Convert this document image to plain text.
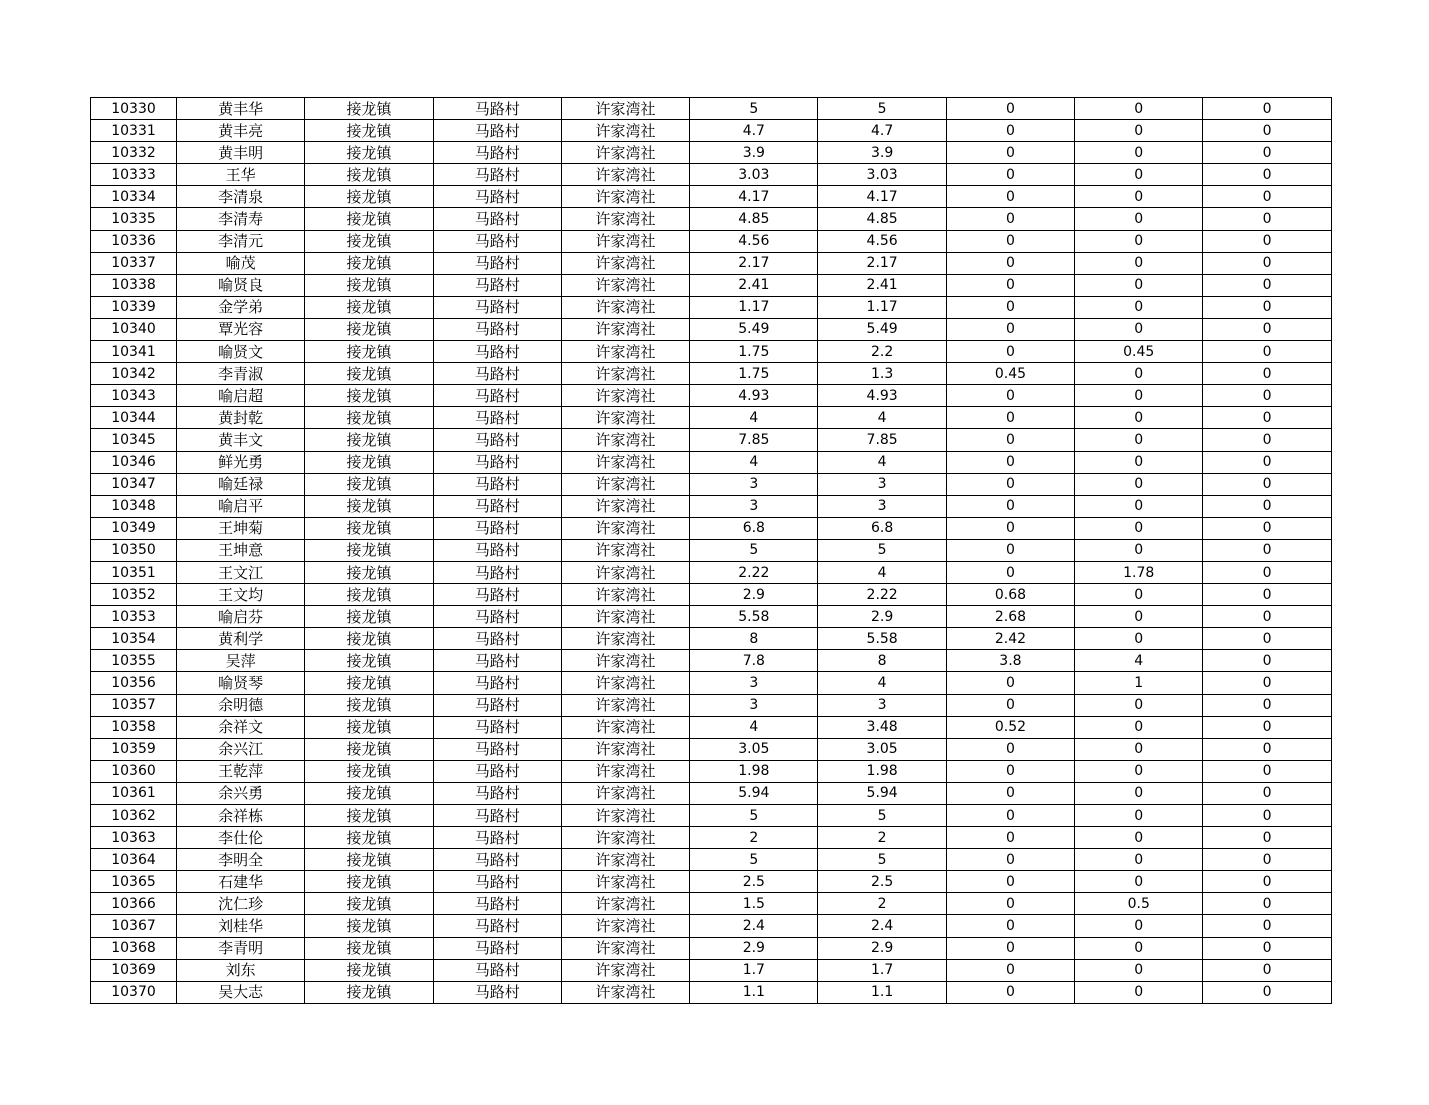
10330	黄丰华	接龙镇	马路村	许家湾社	5	5	0	0	0
10331	黄丰亮	接龙镇	马路村	许家湾社	4.7	4.7	0	0	0
10332	黄丰明	接龙镇	马路村	许家湾社	3.9	3.9	0	0	0
10333	王华	接龙镇	马路村	许家湾社	3.03	3.03	0	0	0
10334	李清泉	接龙镇	马路村	许家湾社	4.17	4.17	0	0	0
10335	李清寿	接龙镇	马路村	许家湾社	4.85	4.85	0	0	0
10336	李清元	接龙镇	马路村	许家湾社	4.56	4.56	0	0	0
10337	喻茂	接龙镇	马路村	许家湾社	2.17	2.17	0	0	0
10338	喻贤良	接龙镇	马路村	许家湾社	2.41	2.41	0	0	0
10339	金学弟	接龙镇	马路村	许家湾社	1.17	1.17	0	0	0
10340	覃光容	接龙镇	马路村	许家湾社	5.49	5.49	0	0	0
10341	喻贤文	接龙镇	马路村	许家湾社	1.75	2.2	0	0.45	0
10342	李青淑	接龙镇	马路村	许家湾社	1.75	1.3	0.45	0	0
10343	喻启超	接龙镇	马路村	许家湾社	4.93	4.93	0	0	0
10344	黄封乾	接龙镇	马路村	许家湾社	4	4	0	0	0
10345	黄丰文	接龙镇	马路村	许家湾社	7.85	7.85	0	0	0
10346	鲜光勇	接龙镇	马路村	许家湾社	4	4	0	0	0
10347	喻廷禄	接龙镇	马路村	许家湾社	3	3	0	0	0
10348	喻启平	接龙镇	马路村	许家湾社	3	3	0	0	0
10349	王坤菊	接龙镇	马路村	许家湾社	6.8	6.8	0	0	0
10350	王坤意	接龙镇	马路村	许家湾社	5	5	0	0	0
10351	王文江	接龙镇	马路村	许家湾社	2.22	4	0	1.78	0
10352	王文均	接龙镇	马路村	许家湾社	2.9	2.22	0.68	0	0
10353	喻启芬	接龙镇	马路村	许家湾社	5.58	2.9	2.68	0	0
10354	黄利学	接龙镇	马路村	许家湾社	8	5.58	2.42	0	0
10355	吴萍	接龙镇	马路村	许家湾社	7.8	8	3.8	4	0
10356	喻贤琴	接龙镇	马路村	许家湾社	3	4	0	1	0
10357	余明德	接龙镇	马路村	许家湾社	3	3	0	0	0
10358	余祥文	接龙镇	马路村	许家湾社	4	3.48	0.52	0	0
10359	余兴江	接龙镇	马路村	许家湾社	3.05	3.05	0	0	0
10360	王乾萍	接龙镇	马路村	许家湾社	1.98	1.98	0	0	0
10361	余兴勇	接龙镇	马路村	许家湾社	5.94	5.94	0	0	0
10362	余祥栋	接龙镇	马路村	许家湾社	5	5	0	0	0
10363	李仕伦	接龙镇	马路村	许家湾社	2	2	0	0	0
10364	李明全	接龙镇	马路村	许家湾社	5	5	0	0	0
10365	石建华	接龙镇	马路村	许家湾社	2.5	2.5	0	0	0
10366	沈仁珍	接龙镇	马路村	许家湾社	1.5	2	0	0.5	0
10367	刘桂华	接龙镇	马路村	许家湾社	2.4	2.4	0	0	0
10368	李青明	接龙镇	马路村	许家湾社	2.9	2.9	0	0	0
10369	刘东	接龙镇	马路村	许家湾社	1.7	1.7	0	0	0
10370	吴大志	接龙镇	马路村	许家湾社	1.1	1.1	0	0	0
